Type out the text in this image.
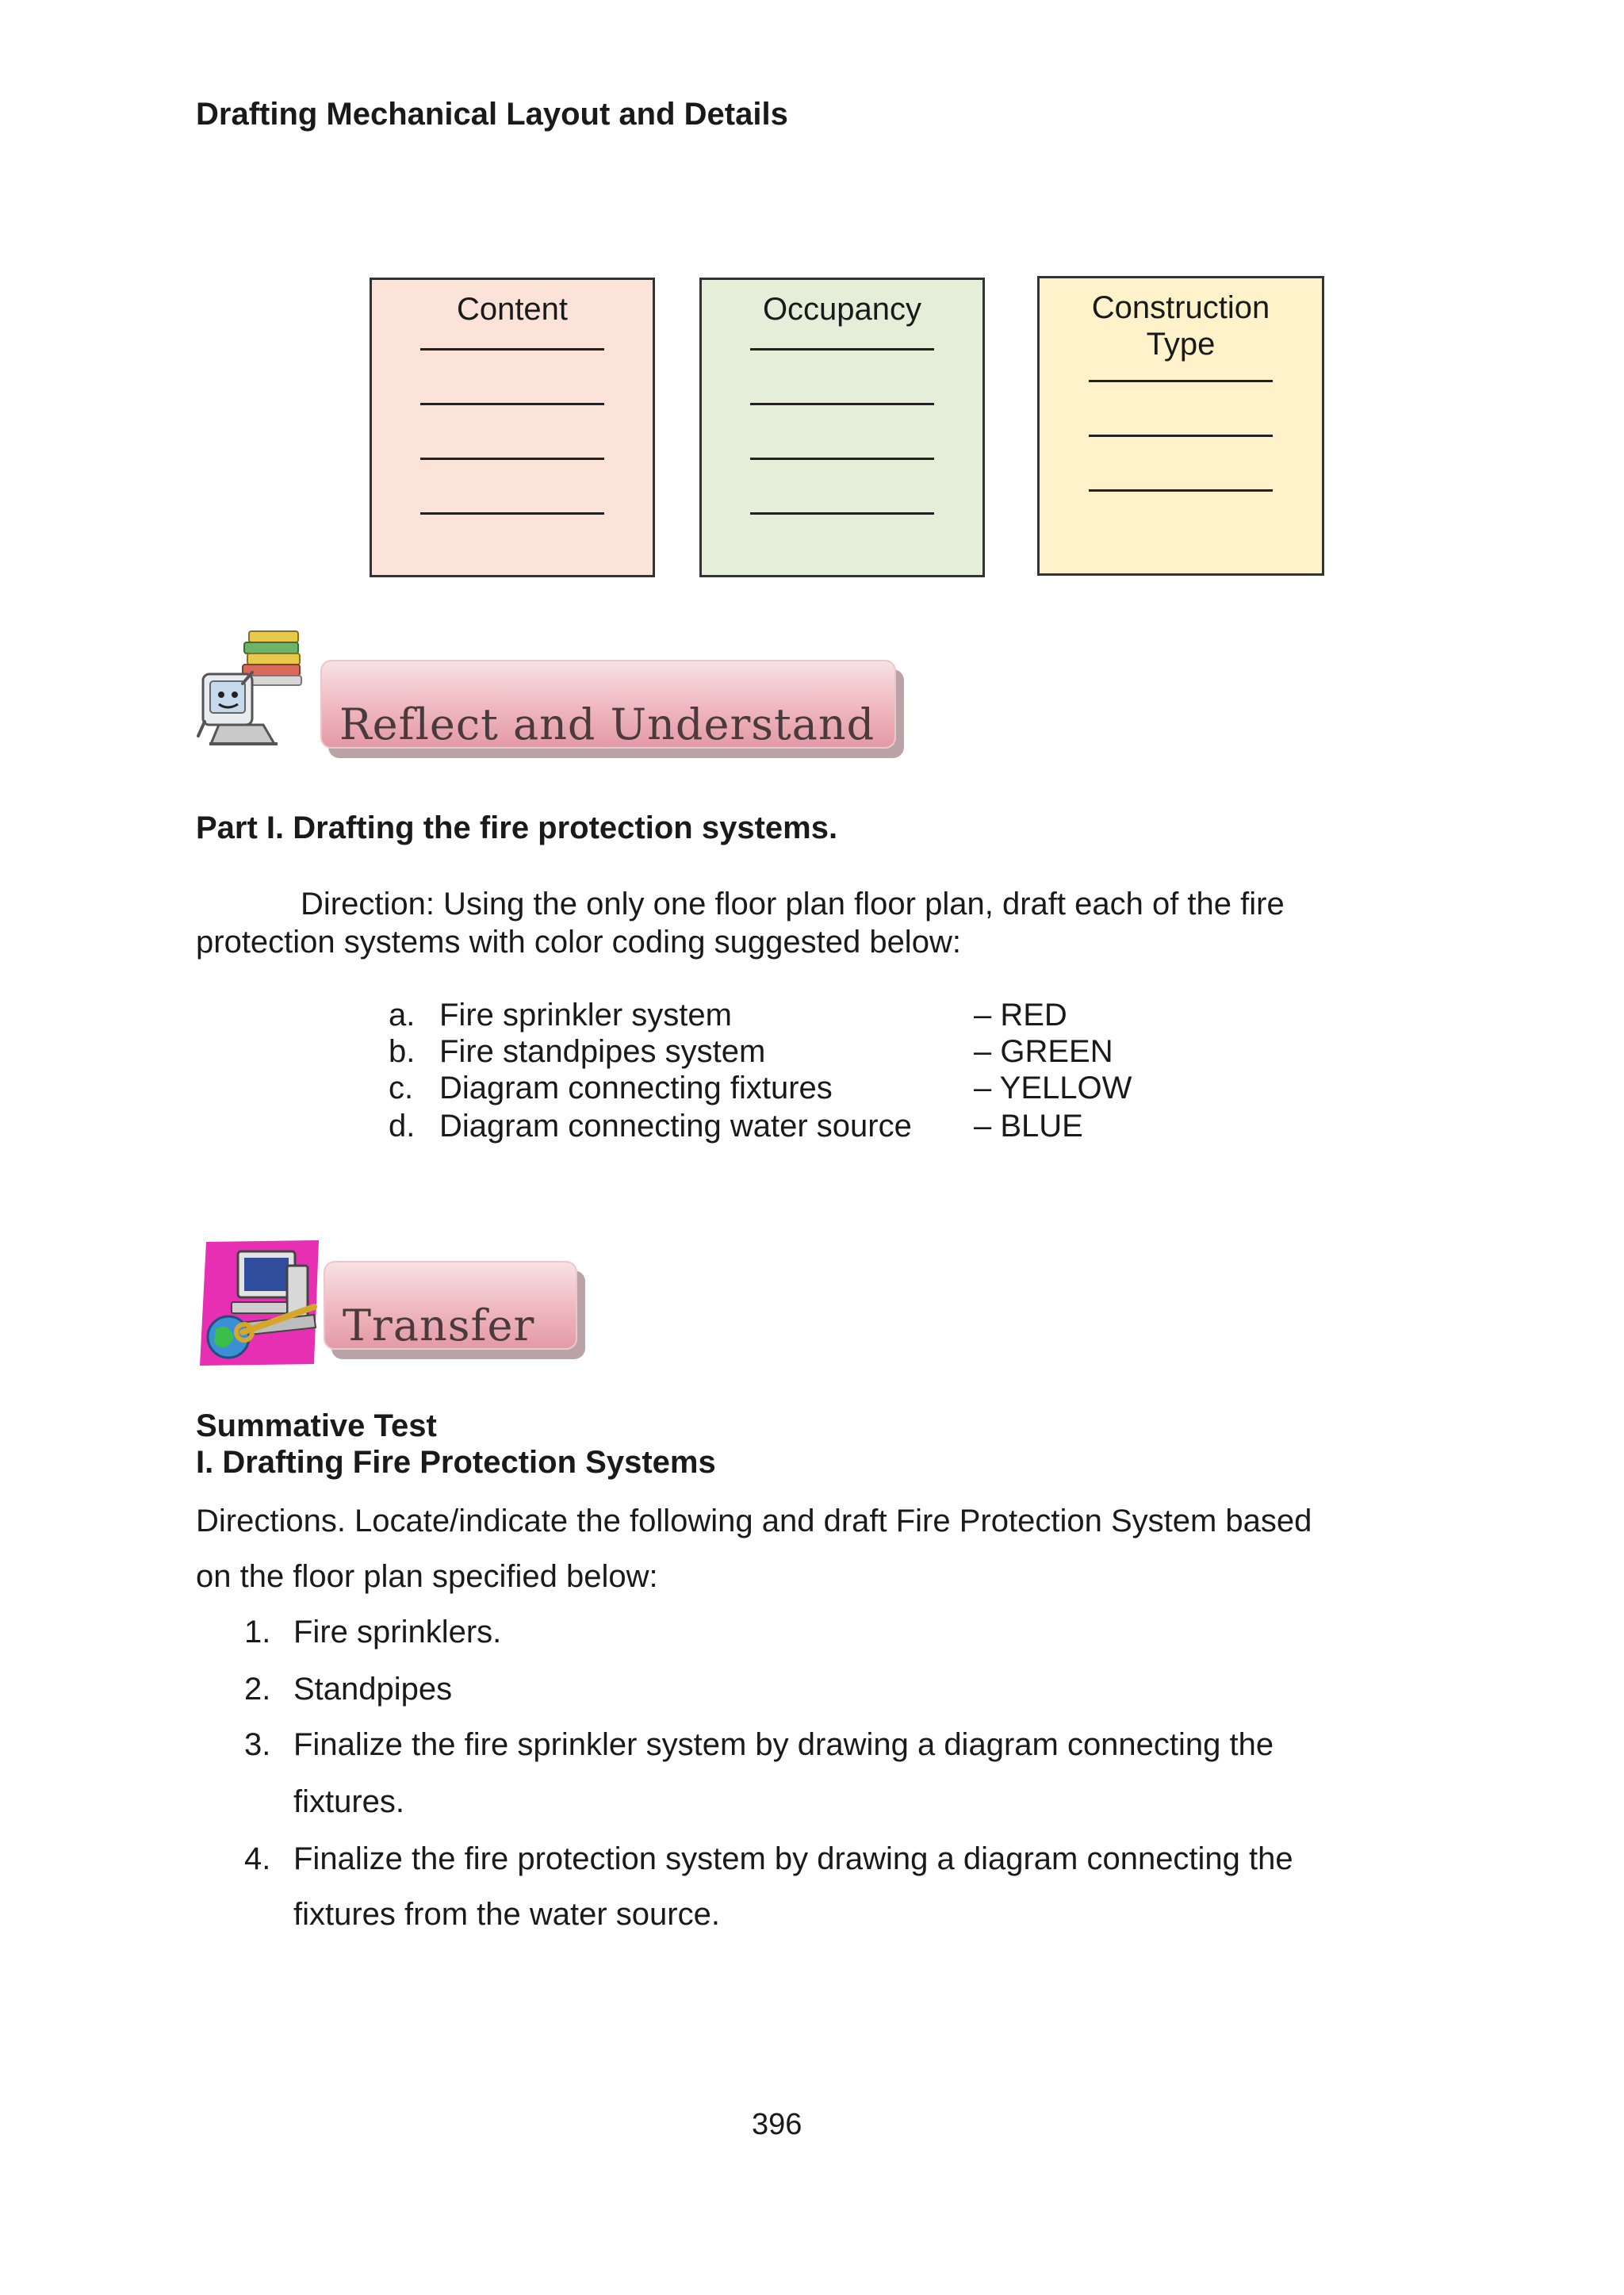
Drafting Mechanical Layout and Details
Content	Occupancy	Construction Type
Reflect and Understand
Part I. Drafting the fire protection systems.
Direction: Using the only one floor plan floor plan, draft each of the fire protection systems with color coding suggested below:
a. Fire sprinkler system	– RED
b. Fire standpipes system	– GREEN
c. Diagram connecting fixtures	– YELLOW
d. Diagram connecting water source – BLUE
Transfer
Summative Test
I. Drafting Fire Protection Systems
Directions. Locate/indicate the following and draft Fire Protection System based
on the floor plan specified below:
1. Fire sprinklers.
2. Standpipes
3. Finalize the fire sprinkler system by drawing a diagram connecting the
fixtures.
4. Finalize the fire protection system by drawing a diagram connecting the
fixtures from the water source.
396
